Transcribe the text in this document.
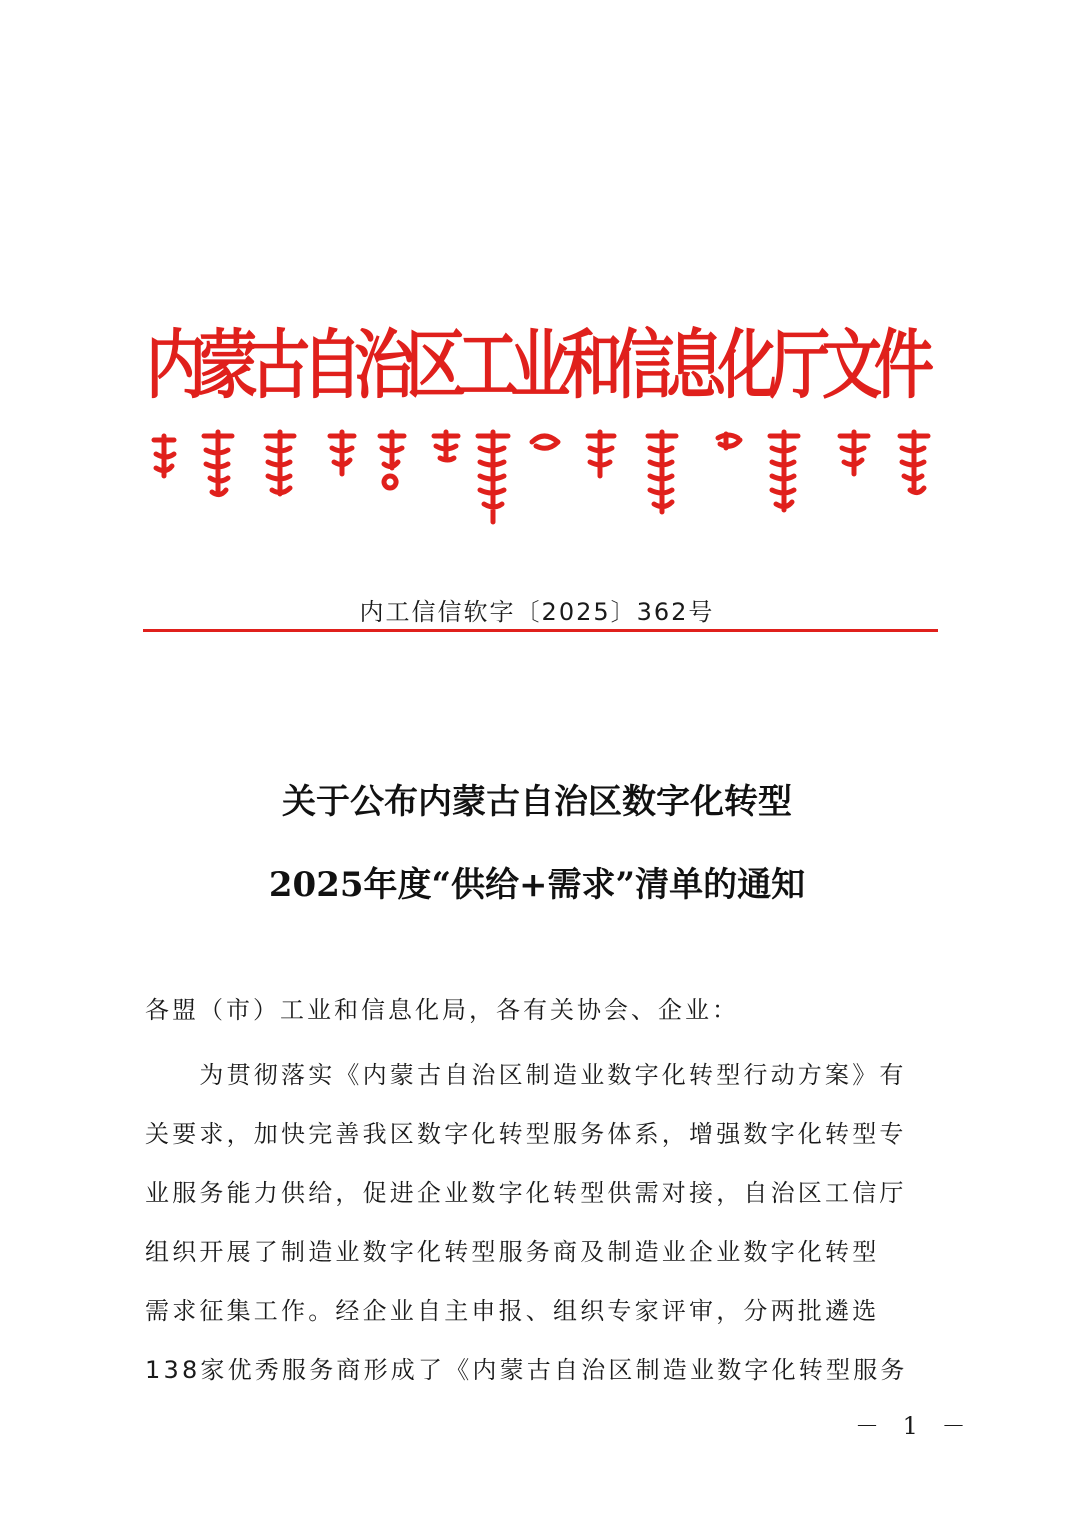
内蒙古自治区工业和信息化厅文件
内工信信软字〔2025〕362号
关于公布内蒙古自治区数字化转型
2025年度“供给+需求”清单的通知
各盟（市）工业和信息化局，各有关协会、企业：
　　为贯彻落实《内蒙古自治区制造业数字化转型行动方案》有
关要求，加快完善我区数字化转型服务体系，增强数字化转型专
业服务能力供给，促进企业数字化转型供需对接，自治区工信厅
组织开展了制造业数字化转型服务商及制造业企业数字化转型
需求征集工作。经企业自主申报、组织专家评审，分两批遴选
138家优秀服务商形成了《内蒙古自治区制造业数字化转型服务
－ 1 －
